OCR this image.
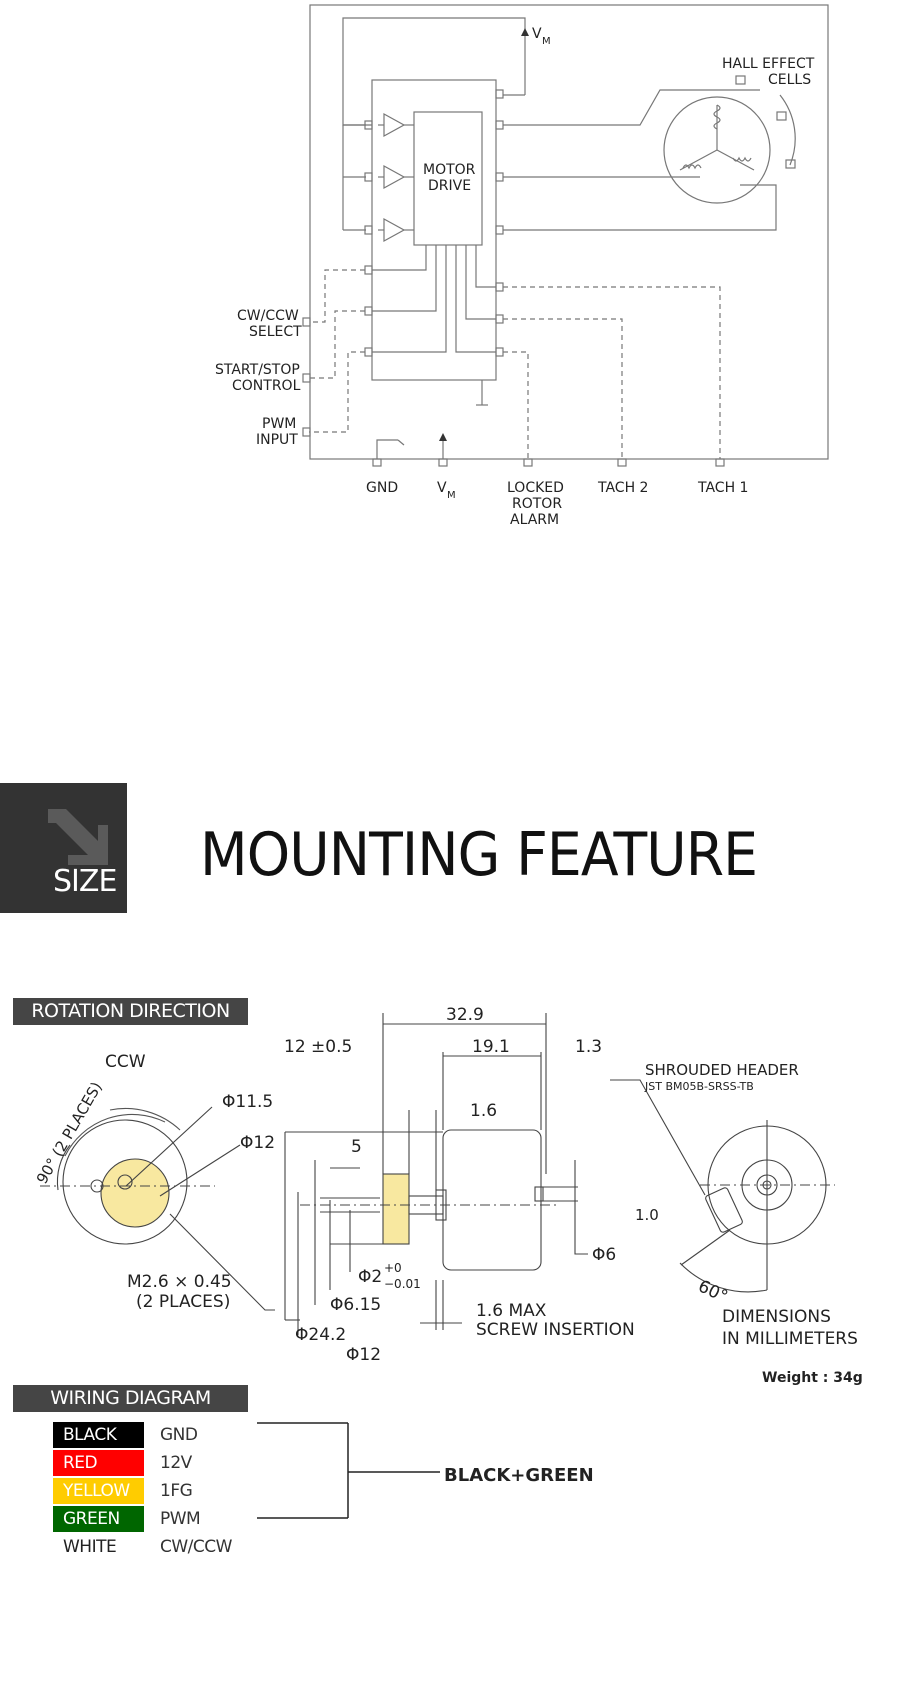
V M
HALL EFFECT
CELLS
MOTOR
DRIVE
CW/CCW
SELECT
START/STOP
CONTROL
PWM
INPUT
GND	V M	LOCKED
ROTOR
ALARM
TACH 2	TACH 1
SIZE MOUNTING FEATURE
ROTATION DIRECTION
CCW
90° (2 PLACES)	Φ11.5
Φ12
M2.6 × 0.45
(2 PLACES)
32.9
12 ±0.5	19.1	1.3
1.6
5
Φ2 +0
−0.01
Φ6.15
Φ24.2
Φ12
Φ6
1.6 MAX
SCREW INSERTION
SHROUDED HEADER
JST BM05B-SRSS-TB
1.0
60°
DIMENSIONS
IN MILLIMETERS
Weight : 34g
WIRING DIAGRAM
BLACK	GND
RED	12V
YELLOW	1FG
GREEN	PWM
WHITE	CW/CCW
BLACK+GREEN
